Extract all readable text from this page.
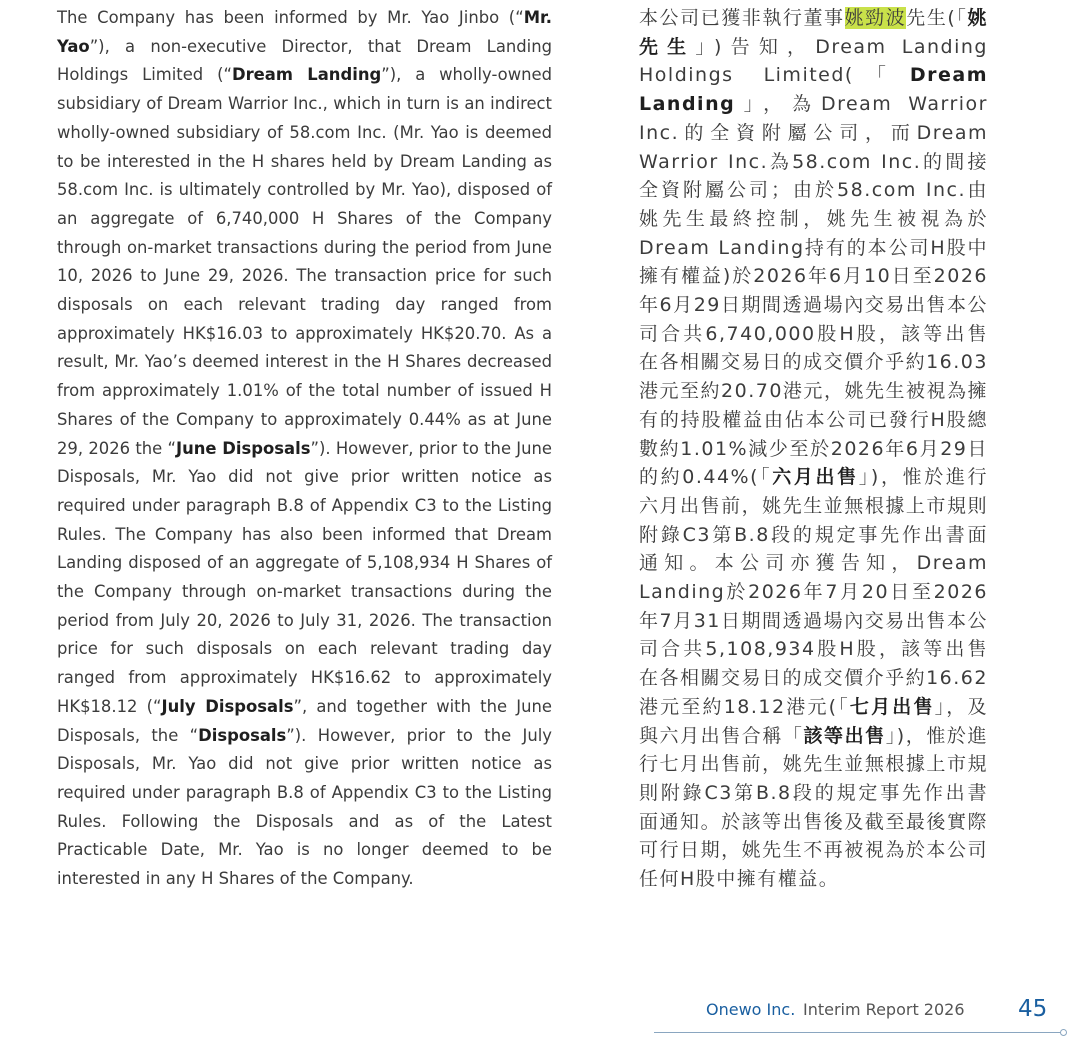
The Company has been informed by Mr. Yao Jinbo (“Mr. Yao”), a non-executive Director, that Dream Landing Holdings Limited (“Dream Landing”), a wholly-owned subsidiary of Dream Warrior Inc., which in turn is an indirect wholly-owned subsidiary of 58.com Inc. (Mr. Yao is deemed to be interested in the H shares held by Dream Landing as 58.com Inc. is ultimately controlled by Mr. Yao), disposed of an aggregate of 6,740,000 H Shares of the Company through on-market transactions during the period from June 10, 2026 to June 29, 2026. The transaction price for such disposals on each relevant trading day ranged from approximately HK$16.03 to approximately HK$20.70. As a result, Mr. Yao’s deemed interest in the H Shares decreased from approximately 1.01% of the total number of issued H Shares of the Company to approximately 0.44% as at June 29, 2026 the “June Disposals”). However, prior to the June Disposals, Mr. Yao did not give prior written notice as required under paragraph B.8 of Appendix C3 to the Listing Rules. The Company has also been informed that Dream Landing disposed of an aggregate of 5,108,934 H Shares of the Company through on-market transactions during the period from July 20, 2026 to July 31, 2026. The transaction price for such disposals on each relevant trading day ranged from approximately HK$16.62 to approximately HK$18.12 (“July Disposals”, and together with the June Disposals, the “Disposals”). However, prior to the July Disposals, Mr. Yao did not give prior written notice as required under paragraph B.8 of Appendix C3 to the Listing Rules. Following the Disposals and as of the Latest Practicable Date, Mr. Yao is no longer deemed to be interested in any H Shares of the Company.
本公司已獲非執行董事姚勁波先生(「姚先生」)告知，Dream Landing Holdings Limited(「Dream Landing」，為Dream Warrior Inc.的全資附屬公司，而Dream Warrior Inc.為58.com Inc.的間接全資附屬公司；由於58.com Inc.由姚先生最終控制，姚先生被視為於Dream Landing持有的本公司H股中擁有權益)於2026年6月10日至2026年6月29日期間透過場內交易出售本公司合共6,740,000股H股，該等出售在各相關交易日的成交價介乎約16.03港元至約20.70港元，姚先生被視為擁有的持股權益由佔本公司已發行H股總數約1.01%減少至於2026年6月29日的約0.44%(「六月出售」)，惟於進行六月出售前，姚先生並無根據上市規則附錄C3第B.8段的規定事先作出書面通知。本公司亦獲告知，Dream Landing於2026年7月20日至2026年7月31日期間透過場內交易出售本公司合共5,108,934股H股，該等出售在各相關交易日的成交價介乎約16.62港元至約18.12港元(「七月出售」，及與六月出售合稱「該等出售」)，惟於進行七月出售前，姚先生並無根據上市規則附錄C3第B.8段的規定事先作出書面通知。於該等出售後及截至最後實際可行日期，姚先生不再被視為於本公司任何H股中擁有權益。
Onewo Inc. Interim Report 2026 45
